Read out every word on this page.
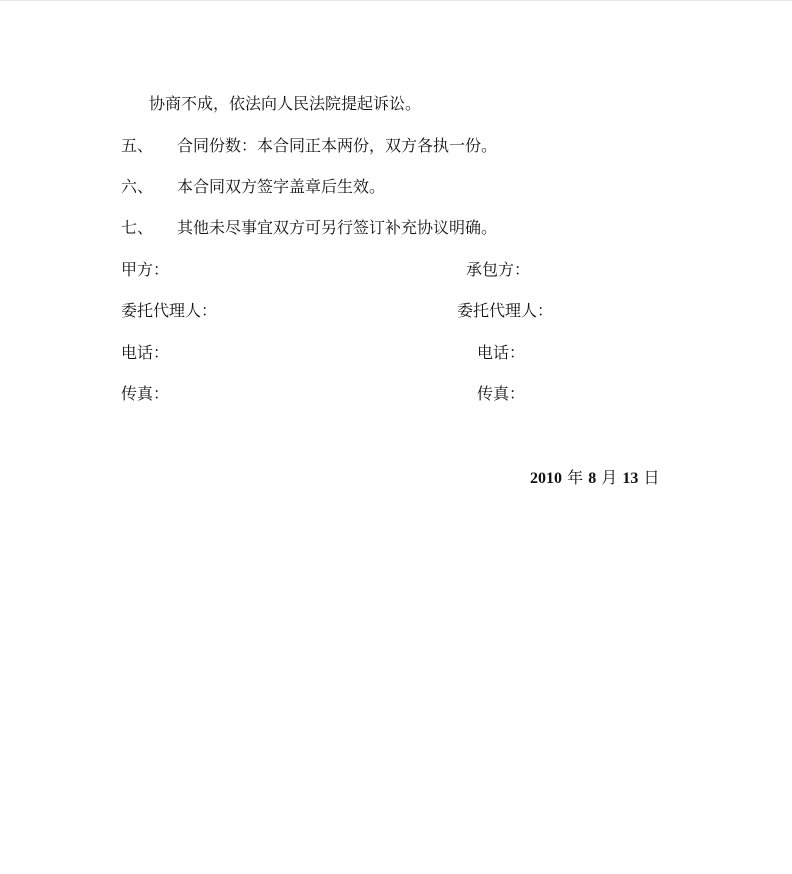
协商不成，依法向人民法院提起诉讼。
五、 合同份数：本合同正本两份，双方各执一份。
六、 本合同双方签字盖章后生效。
七、 其他未尽事宜双方可另行签订补充协议明确。
甲方：
委托代理人：
电话：
传真：
承包方：
委托代理人：
电话：
传真：
2010 年 8 月 13 日
